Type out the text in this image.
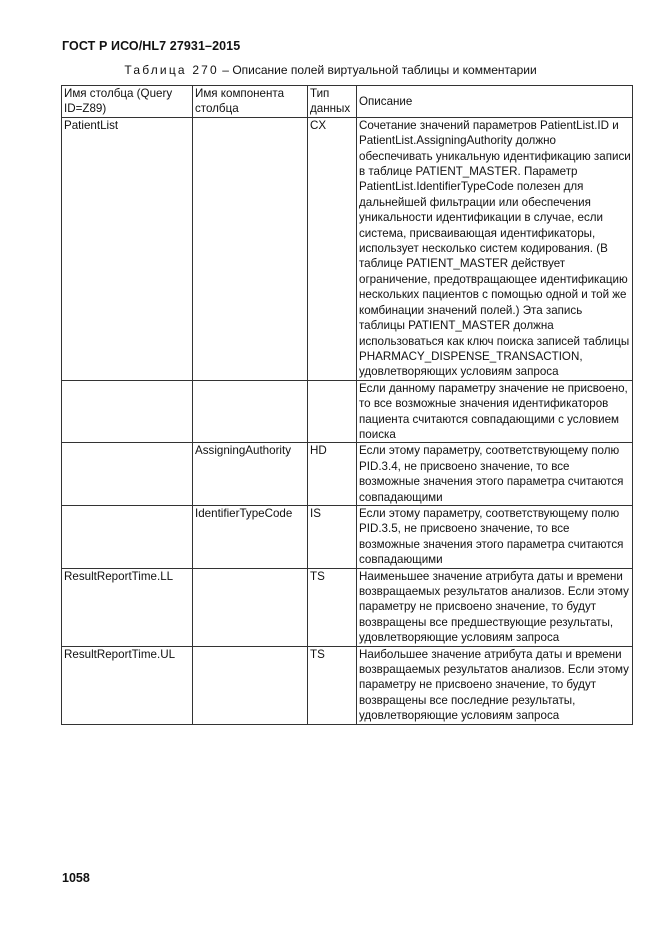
ГОСТ Р ИСО/HL7 27931–2015
Таблица 270 – Описание полей виртуальной таблицы и комментарии
Имя столбца (Query ID=Z89)	Имя компонента столбца	Тип данных	Описание
PatientList		CX	Сочетание значений параметров PatientList.ID и PatientList.AssigningAuthority должно обеспечивать уникальную идентификацию записи в таблице PATIENT_MASTER. Параметр PatientList.IdentifierTypeCode полезен для дальнейшей фильтрации или обеспечения уникальности идентификации в случае, если система, присваивающая идентификаторы, использует несколько систем кодирования. (В таблице PATIENT_MASTER действует ограничение, предотвращающее идентификацию нескольких пациентов с помощью одной и той же комбинации значений полей.) Эта запись таблицы PATIENT_MASTER должна использоваться как ключ поиска записей таблицы PHARMACY_DISPENSE_TRANSACTION, удовлетворяющих условиям запроса
			Если данному параметру значение не присвоено, то все возможные значения идентификаторов пациента считаются совпадающими с условием поиска
	AssigningAuthority	HD	Если этому параметру, соответствующему полю PID.3.4, не присвоено значение, то все возможные значения этого параметра считаются совпадающими
	IdentifierTypeCode	IS	Если этому параметру, соответствующему полю PID.3.5, не присвоено значение, то все возможные значения этого параметра считаются совпадающими
ResultReportTime.LL		TS	Наименьшее значение атрибута даты и времени возвращаемых результатов анализов. Если этому параметру не присвоено значение, то будут возвращены все предшествующие результаты, удовлетворяющие условиям запроса
ResultReportTime.UL		TS	Наибольшее значение атрибута даты и времени возвращаемых результатов анализов. Если этому параметру не присвоено значение, то будут возвращены все последние результаты, удовлетворяющие условиям запроса
1058
